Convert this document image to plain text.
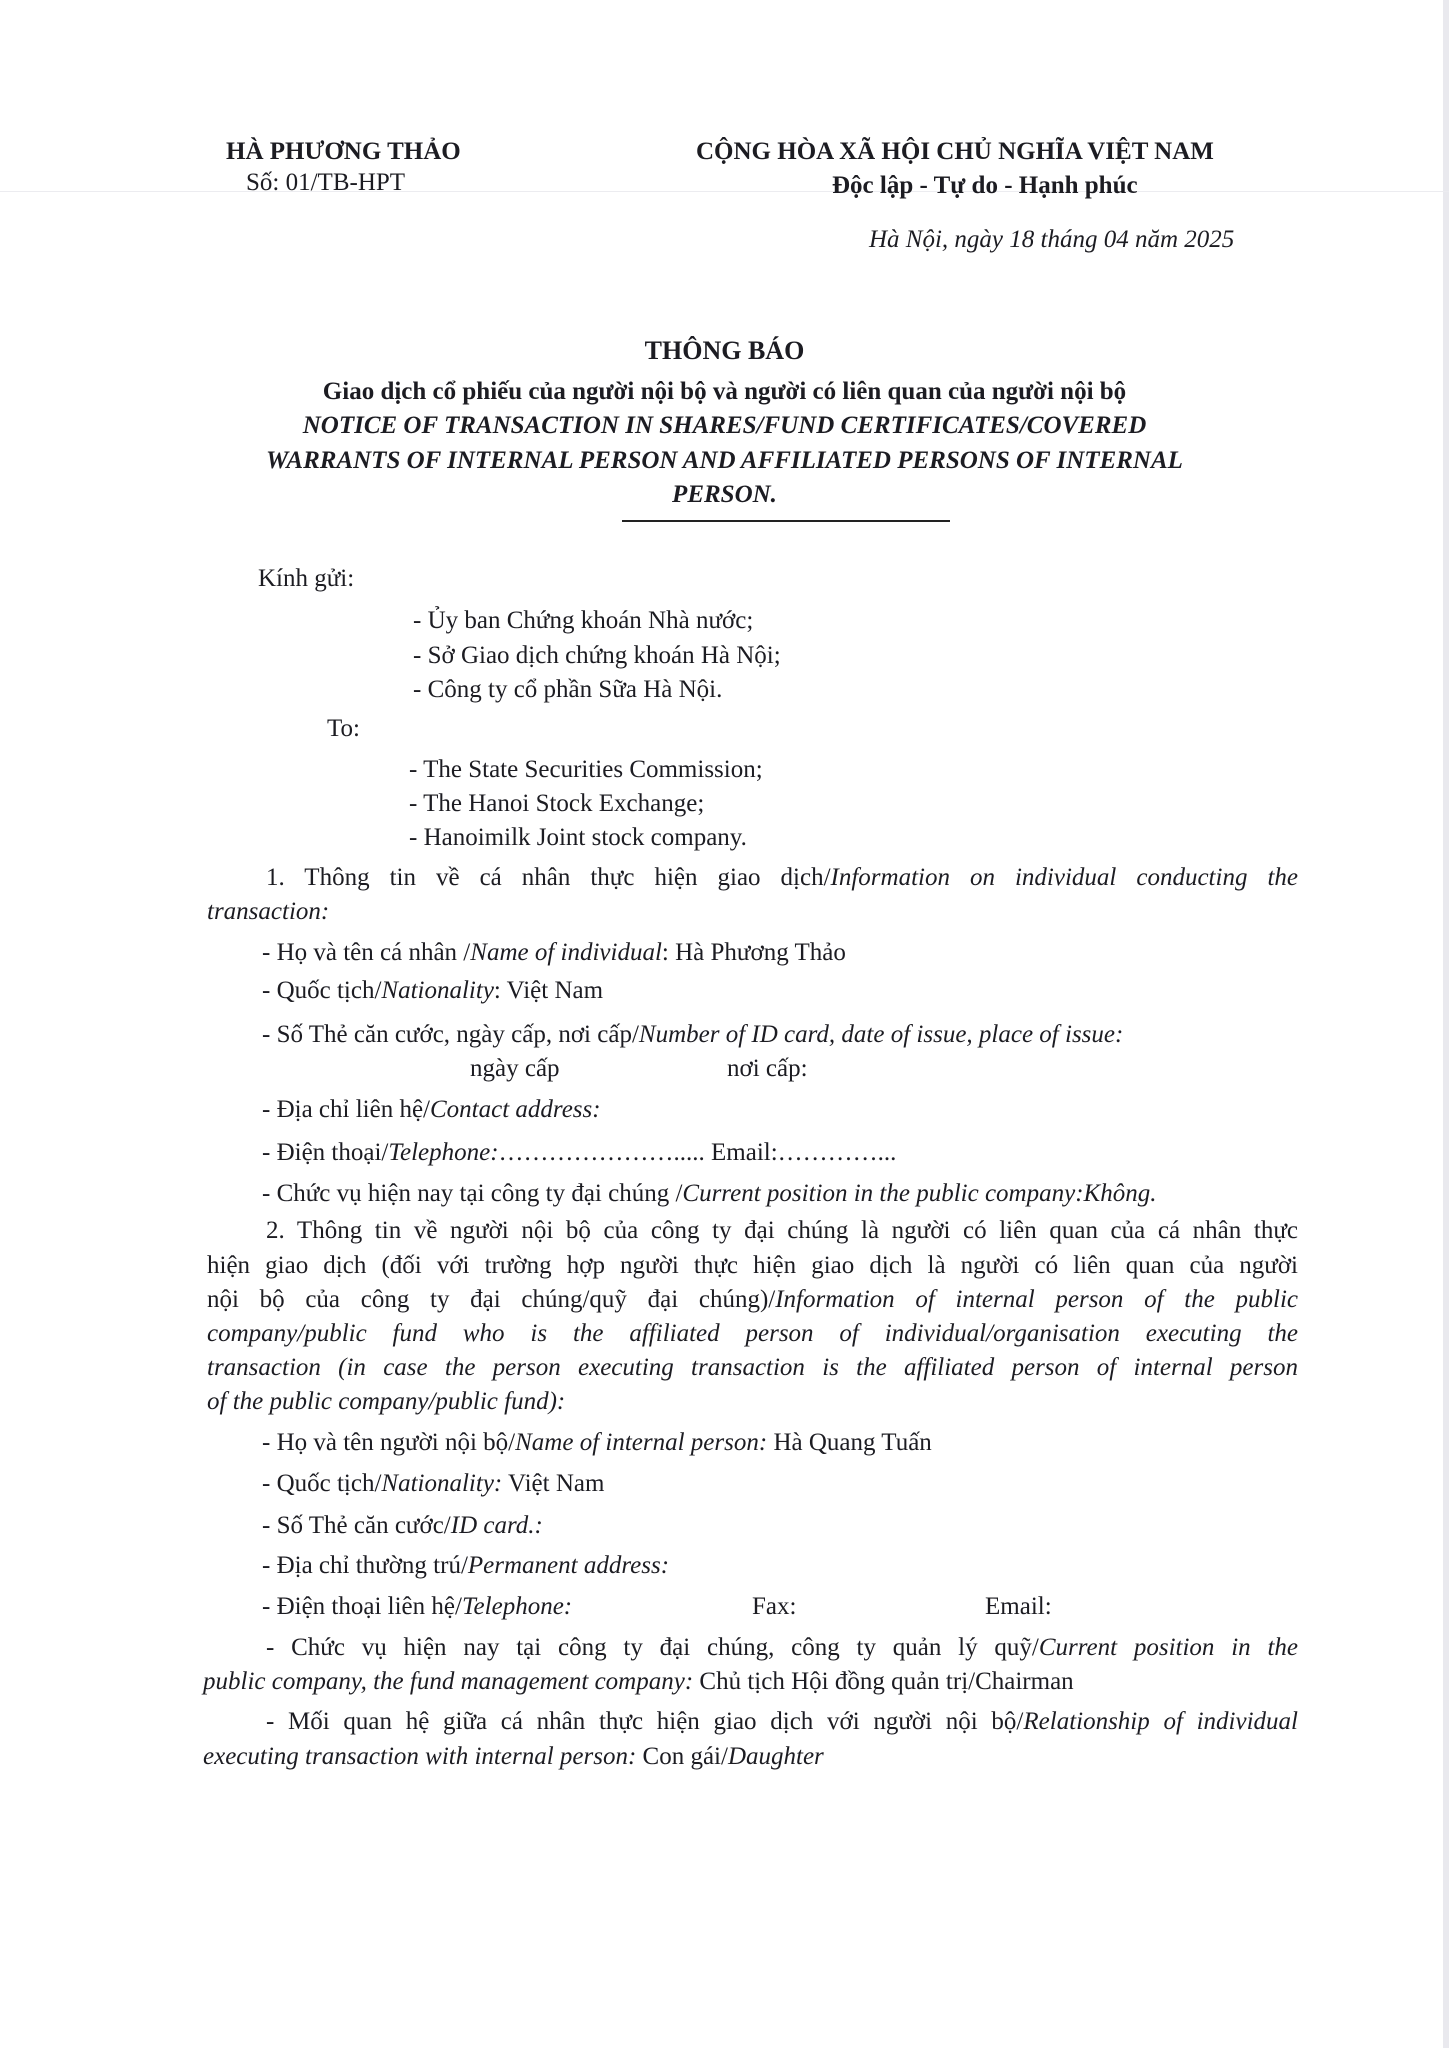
HÀ PHƯƠNG THẢO
Số: 01/TB-HPT
CỘNG HÒA XÃ HỘI CHỦ NGHĨA VIỆT NAM
Độc lập - Tự do - Hạnh phúc
Hà Nội, ngày 18 tháng 04 năm 2025
THÔNG BÁO
Giao dịch cổ phiếu của người nội bộ và người có liên quan của người nội bộ
NOTICE OF TRANSACTION IN SHARES/FUND CERTIFICATES/COVERED
WARRANTS OF INTERNAL PERSON AND AFFILIATED PERSONS OF INTERNAL
PERSON.
Kính gửi:
- Ủy ban Chứng khoán Nhà nước;
- Sở Giao dịch chứng khoán Hà Nội;
- Công ty cổ phần Sữa Hà Nội.
To:
- The State Securities Commission;
- The Hanoi Stock Exchange;
- Hanoimilk Joint stock company.
1. Thông tin về cá nhân thực hiện giao dịch/Information on individual conducting the
transaction:
- Họ và tên cá nhân /Name of individual: Hà Phương Thảo
- Quốc tịch/Nationality: Việt Nam
- Số Thẻ căn cước, ngày cấp, nơi cấp/Number of ID card, date of issue, place of issue:
ngày cấp	nơi cấp:
- Địa chỉ liên hệ/Contact address:
- Điện thoại/Telephone:…………………..... Email:…………...
- Chức vụ hiện nay tại công ty đại chúng /Current position in the public company:Không.
2. Thông tin về người nội bộ của công ty đại chúng là người có liên quan của cá nhân thực
hiện giao dịch (đối với trường hợp người thực hiện giao dịch là người có liên quan của người
nội bộ của công ty đại chúng/quỹ đại chúng)/Information of internal person of the public
company/public fund who is the affiliated person of individual/organisation executing the
transaction (in case the person executing transaction is the affiliated person of internal person
of the public company/public fund):
- Họ và tên người nội bộ/Name of internal person: Hà Quang Tuấn
- Quốc tịch/Nationality: Việt Nam
- Số Thẻ căn cước/ID card.:
- Địa chỉ thường trú/Permanent address:
- Điện thoại liên hệ/Telephone:	Fax:	Email:
- Chức vụ hiện nay tại công ty đại chúng, công ty quản lý quỹ/Current position in the
public company, the fund management company: Chủ tịch Hội đồng quản trị/Chairman
- Mối quan hệ giữa cá nhân thực hiện giao dịch với người nội bộ/Relationship of individual
executing transaction with internal person: Con gái/Daughter
